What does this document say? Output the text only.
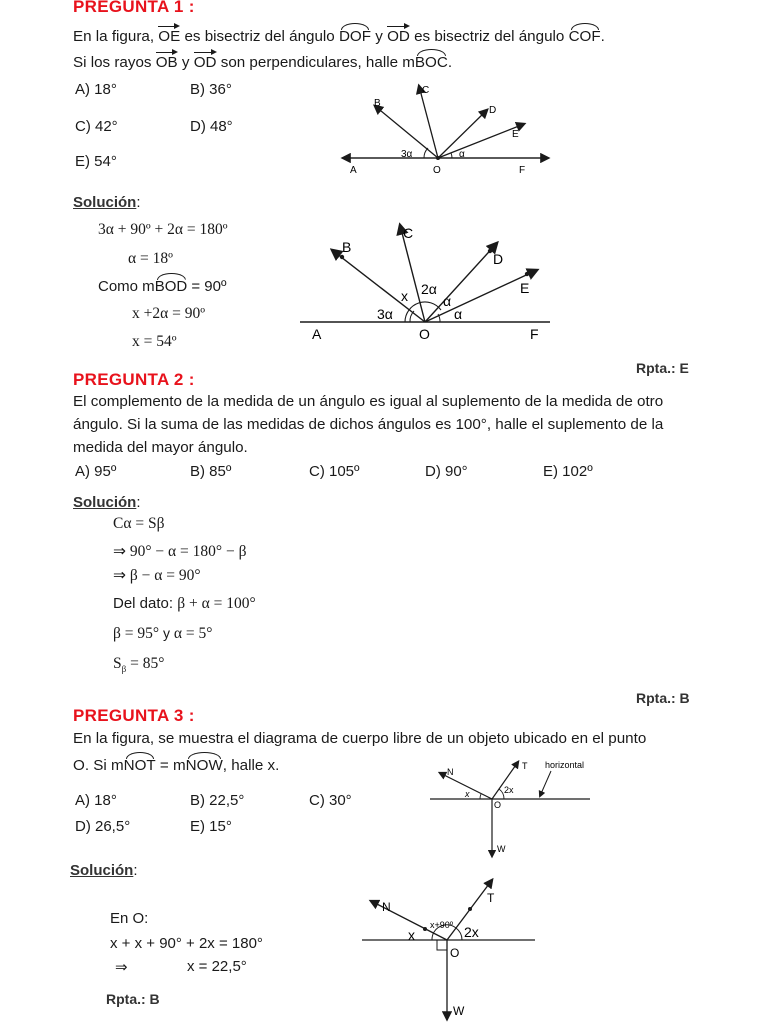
PREGUNTA 1 :
En la figura, OE es bisectriz del ángulo DOF y OD es bisectriz del ángulo COF.
Si los rayos OB y OD son perpendiculares, halle mBOC.
A) 18°	B) 36°
C) 42°	D) 48°
E) 54°
A	O	F
B
C
D
E
3α	α
Solución:
3α + 90º + 2α = 180º
α = 18º
Como mBOD = 90º
x +2α = 90º
x = 54º	A	O	F
B
C
D
E
x 2α
3α
α
α
Rpta.: E
PREGUNTA 2 :
El complemento de la medida de un ángulo es igual al suplemento de la medida de otro ángulo. Si la suma de las medidas de dichos ángulos es 100°, halle el suplemento de la medida del mayor ángulo.
A) 95º	B) 85º	C) 105º	D) 90°	E) 102º
Solución:
Cα = Sβ
⇒ 90° − α = 180° − β
⇒ β − α = 90°
Del dato: β + α = 100°
β = 95° y α = 5°
$S_\beta = 85^\circ$
Rpta.: B
PREGUNTA 3 :
En la figura, se muestra el diagrama de cuerpo libre de un objeto ubicado en el punto
O. Si mNOT = mNOW, halle x.
A) 18°	B) 22,5°	C) 30°
D) 26,5°	E) 15°
N
T
O
W
x	2x
horizontal
Solución:
En O:
x + x + 90° + 2x = 180°
⇒	x = 22,5°
Rpta.: B
N
T
O
W
x
x+90º 2x
